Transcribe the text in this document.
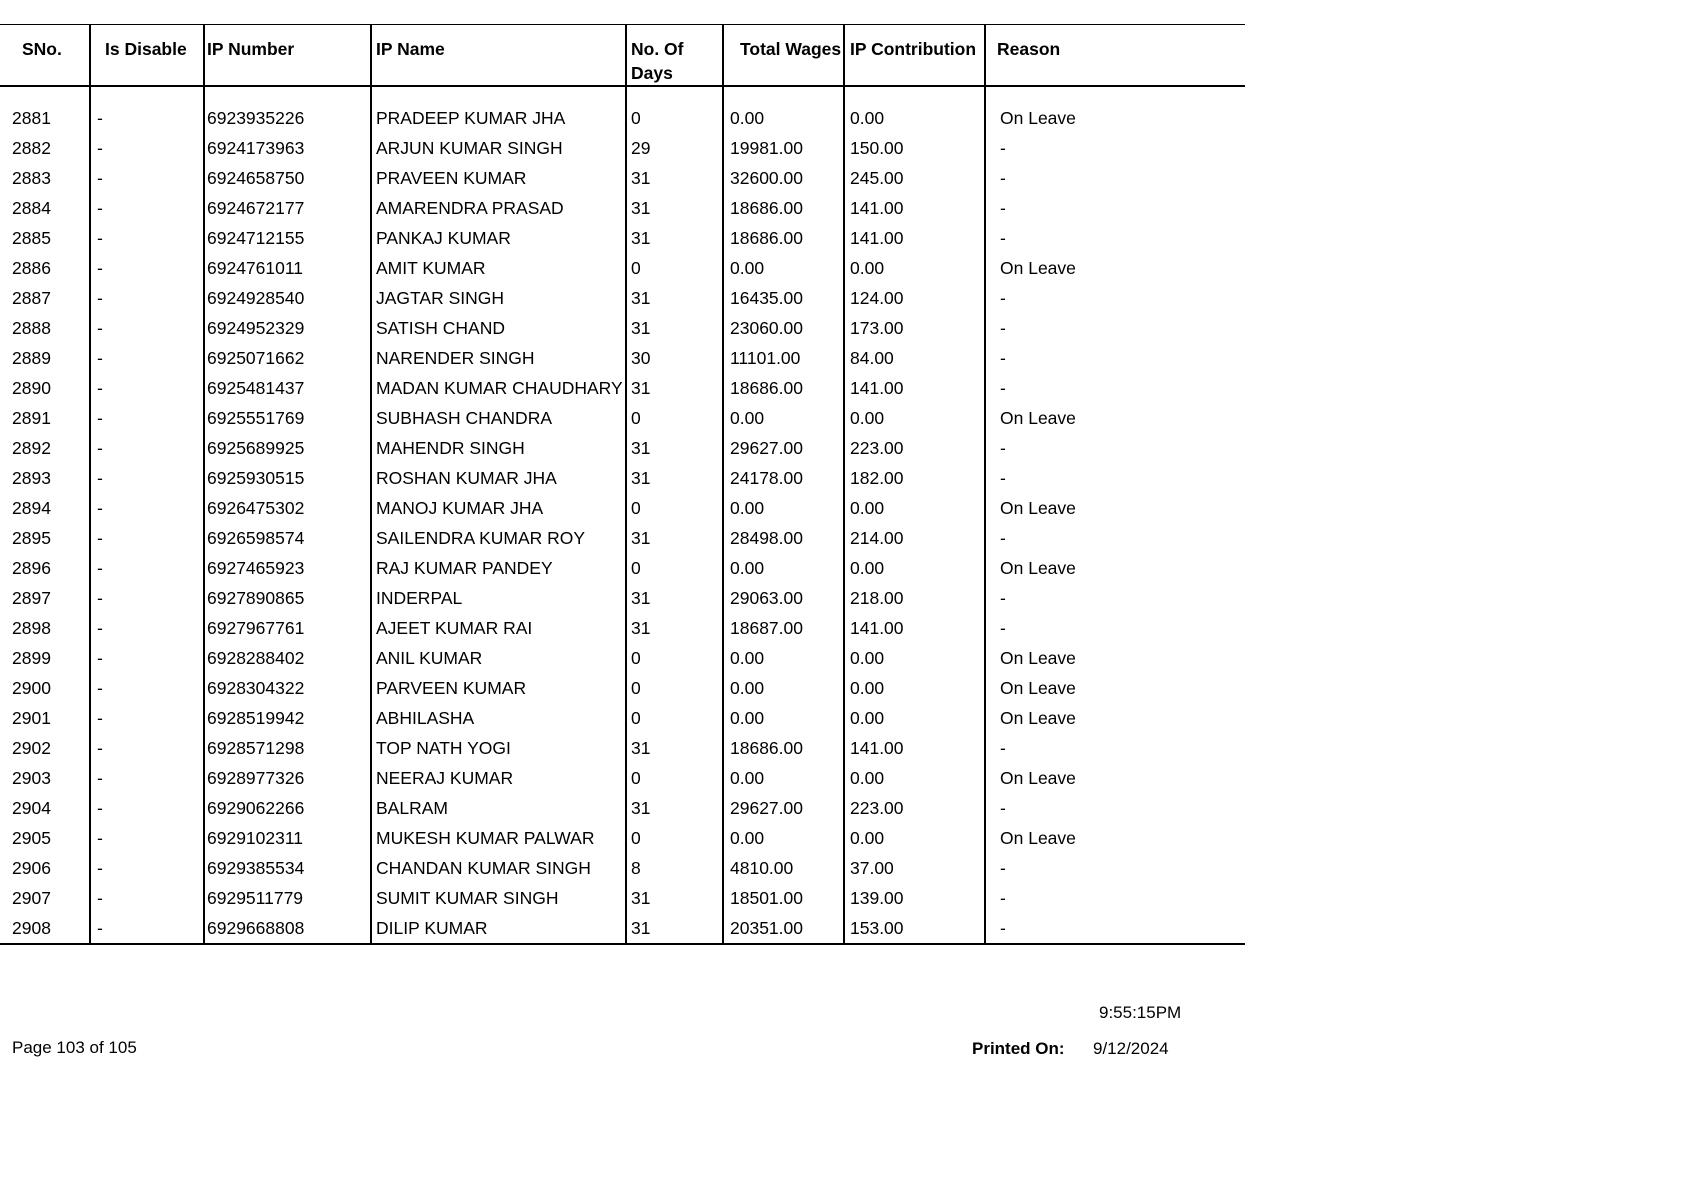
SNo.	Is Disable	IP Number	IP Name	No. Of Days	Total Wages	IP Contribution	Reason
2881	-	6923935226	PRADEEP KUMAR JHA	0	0.00	0.00	On Leave
2882	-	6924173963	ARJUN KUMAR SINGH	29	19981.00	150.00	-
2883	-	6924658750	PRAVEEN KUMAR	31	32600.00	245.00	-
2884	-	6924672177	AMARENDRA PRASAD	31	18686.00	141.00	-
2885	-	6924712155	PANKAJ KUMAR	31	18686.00	141.00	-
2886	-	6924761011	AMIT KUMAR	0	0.00	0.00	On Leave
2887	-	6924928540	JAGTAR SINGH	31	16435.00	124.00	-
2888	-	6924952329	SATISH CHAND	31	23060.00	173.00	-
2889	-	6925071662	NARENDER SINGH	30	11101.00	84.00	-
2890	-	6925481437	MADAN KUMAR CHAUDHARY	31	18686.00	141.00	-
2891	-	6925551769	SUBHASH CHANDRA	0	0.00	0.00	On Leave
2892	-	6925689925	MAHENDR SINGH	31	29627.00	223.00	-
2893	-	6925930515	ROSHAN KUMAR JHA	31	24178.00	182.00	-
2894	-	6926475302	MANOJ KUMAR JHA	0	0.00	0.00	On Leave
2895	-	6926598574	SAILENDRA KUMAR ROY	31	28498.00	214.00	-
2896	-	6927465923	RAJ KUMAR PANDEY	0	0.00	0.00	On Leave
2897	-	6927890865	INDERPAL	31	29063.00	218.00	-
2898	-	6927967761	AJEET KUMAR RAI	31	18687.00	141.00	-
2899	-	6928288402	ANIL KUMAR	0	0.00	0.00	On Leave
2900	-	6928304322	PARVEEN KUMAR	0	0.00	0.00	On Leave
2901	-	6928519942	ABHILASHA	0	0.00	0.00	On Leave
2902	-	6928571298	TOP NATH YOGI	31	18686.00	141.00	-
2903	-	6928977326	NEERAJ KUMAR	0	0.00	0.00	On Leave
2904	-	6929062266	BALRAM	31	29627.00	223.00	-
2905	-	6929102311	MUKESH KUMAR PALWAR	0	0.00	0.00	On Leave
2906	-	6929385534	CHANDAN KUMAR SINGH	8	4810.00	37.00	-
2907	-	6929511779	SUMIT KUMAR SINGH	31	18501.00	139.00	-
2908	-	6929668808	DILIP KUMAR	31	20351.00	153.00	-
9:55:15PM
Page 103 of 105	Printed On: 9/12/2024
